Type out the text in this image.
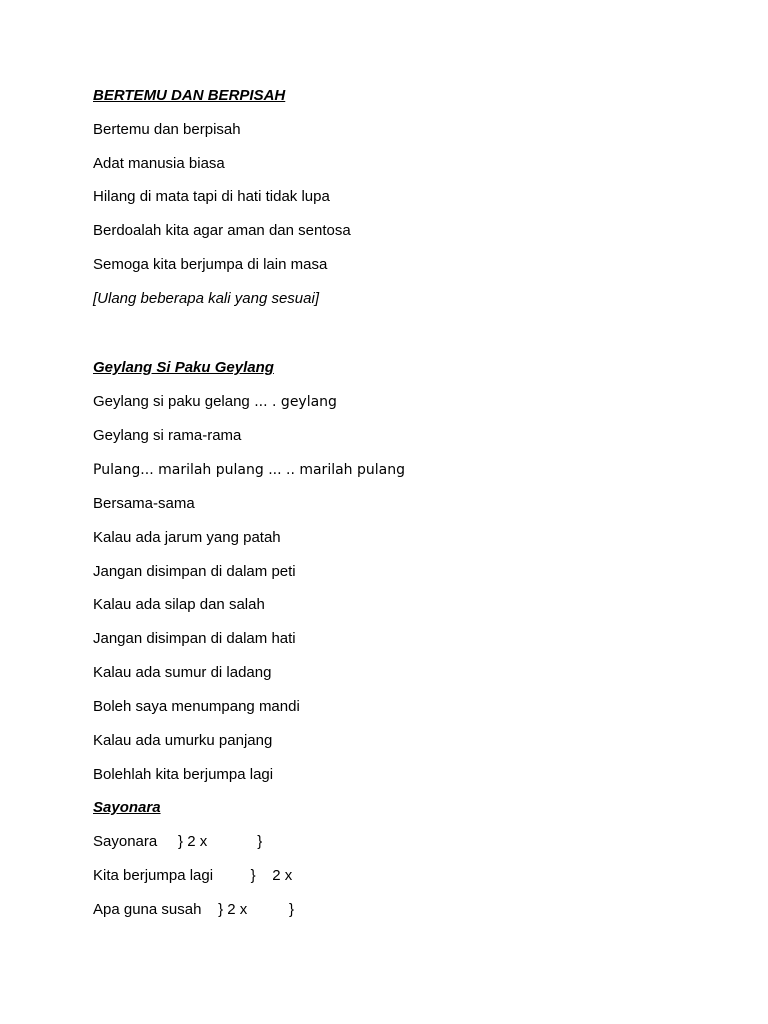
BERTEMU DAN BERPISAH
Bertemu dan berpisah
Adat manusia biasa
Hilang di mata tapi di hati tidak lupa
Berdoalah kita agar aman dan sentosa
Semoga kita berjumpa di lain masa
[Ulang beberapa kali yang sesuai]
Geylang Si Paku Geylang
Geylang si paku gelang ... . geylang
Geylang si rama-rama
Pulang... marilah pulang ... .. marilah pulang
Bersama-sama
Kalau ada jarum yang patah
Jangan disimpan di dalam peti
Kalau ada silap dan salah
Jangan disimpan di dalam hati
Kalau ada sumur di ladang
Boleh saya menumpang mandi
Kalau ada umurku panjang
Bolehlah kita berjumpa lagi
Sayonara
Sayonara     } 2 x            }
Kita berjumpa lagi         }    2 x
Apa guna susah    } 2 x          }
